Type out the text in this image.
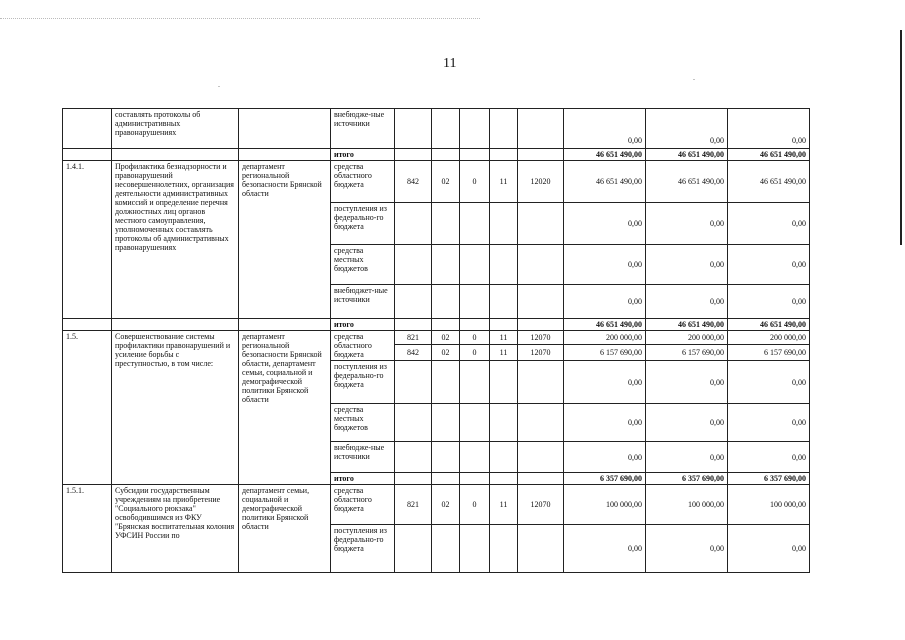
11
.
.
	составлять протоколы об административных правонарушениях		внебюдже-ные источники						0,00	0,00	0,00
			итого						46 651 490,00	46 651 490,00	46 651 490,00
1.4.1.	Профилактика безнадзорности и правонарушений несовершеннолетних, организация деятельности административных комиссий и определение перечня должностных лиц органов местного самоуправления, уполномоченных составлять протоколы об административных правонарушениях	департамент региональной безопасности Брянской области	средства областного бюджета	842	02	0	11	12020	46 651 490,00	46 651 490,00	46 651 490,00
			поступления из федерально-го бюджета						0,00	0,00	0,00
			средства местных бюджетов						0,00	0,00	0,00
			внебюджет-ные источники						0,00	0,00	0,00
			итого						46 651 490,00	46 651 490,00	46 651 490,00
1.5.	Совершенствование системы профилактики правонарушений и усиление борьбы с преступностью, в том числе:	департамент региональной безопасности Брянской области, департамент семьи, социальной и демографической политики Брянской области	средства областного бюджета	821	02	0	11	12070	200 000,00	200 000,00	200 000,00
				842	02	0	11	12070	6 157 690,00	6 157 690,00	6 157 690,00
			поступления из федерально-го бюджета						0,00	0,00	0,00
			средства местных бюджетов						0,00	0,00	0,00
			внебюдже-ные источники						0,00	0,00	0,00
			итого						6 357 690,00	6 357 690,00	6 357 690,00
1.5.1.	Субсидии государственным учреждениям на приобретение "Социального рюкзака" освободившимся из ФКУ "Брянская воспитательная колония УФСИН России по	департамент семьи, социальной и демографической политики Брянской области	средства областного бюджета	821	02	0	11	12070	100 000,00	100 000,00	100 000,00
			поступления из федерально-го бюджета						0,00	0,00	0,00
